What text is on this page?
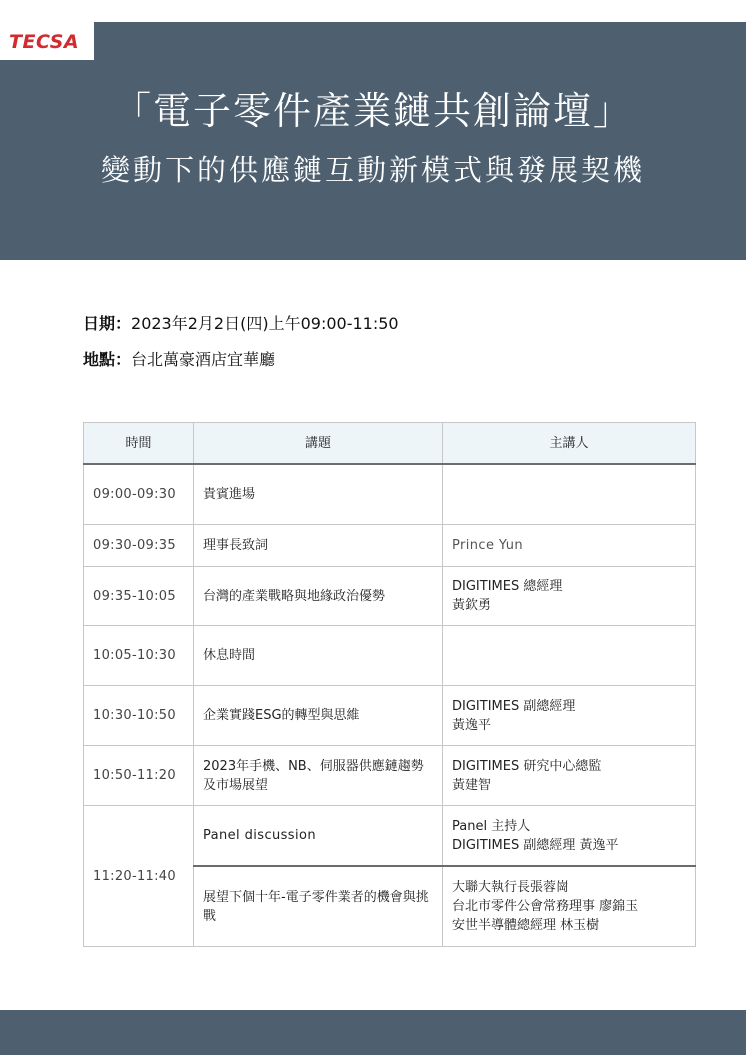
TECSA
「電子零件產業鏈共創論壇」
變動下的供應鏈互動新模式與發展契機
日期：2023年2月2日(四)上午09:00-11:50
地點：台北萬豪酒店宜華廳
時間	講題	主講人
09:00-09:30	貴賓進場	
09:30-09:35	理事長致詞	Prince Yun

09:35-10:05	台灣的產業戰略與地緣政治優勢	DIGITIMES 總經理
黃欽勇

10:05-10:30	休息時間	
10:30-10:50	企業實踐ESG的轉型與思維	DIGITIMES 副總經理
黃逸平

10:50-11:20	2023年手機、NB、伺服器供應鏈趨勢及市場展望	DIGITIMES 研究中心總監
黃建智

11:20-11:40	Panel discussion	Panel 主持人
DIGITIMES 副總經理 黃逸平

	展望下個十年-電子零件業者的機會與挑戰	大聯大執行長張蓉崗
台北市零件公會常務理事 廖錦玉
安世半導體總經理 林玉樹
